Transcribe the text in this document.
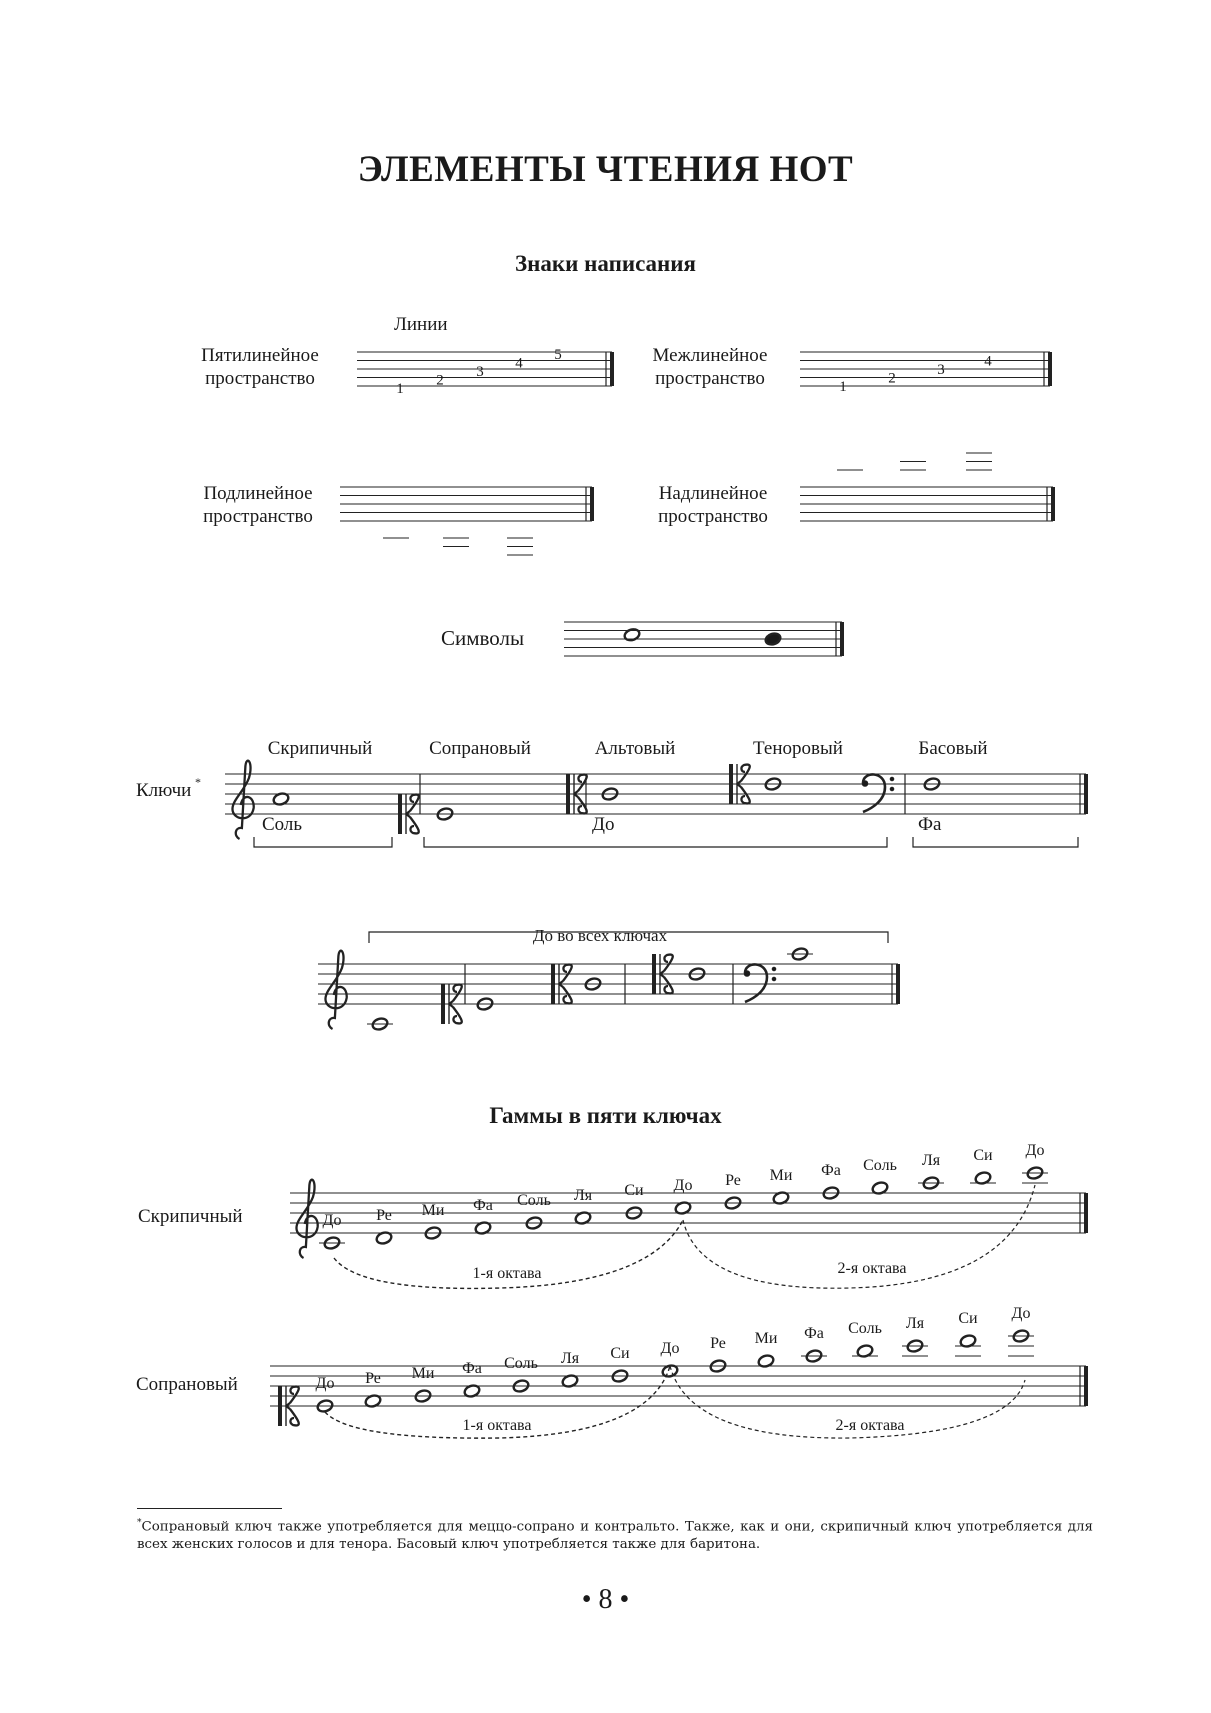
ЭЛЕМЕНТЫ ЧТЕНИЯ НОТ
Знаки написания
Линии
Пятилинейное
пространство
Межлинейное
пространство
Подлинейное
пространство
Надлинейное
пространство
Символы
Ключи *
Скрипичный	Сопрановый	Альтовый	Теноровый	Басовый
Соль	До	Фа
До во всех ключах
Гаммы в пяти ключах
Скрипичный
Сопрановый
1
2
3
4
5
1
2
3
4
До Ре Ми Фа Соль Ля Си До Ре Ми Фа Соль Ля Си До
1-я октава	2-я октава
До Ре Ми Фа Соль Ля Си До Ре Ми Фа Соль Ля Си До
1-я октава	2-я октава
*Сопрановый ключ также употребляется для меццо-сопрано и контральто. Также, как и они, скрипичный ключ употребляется для всех женских голосов и для тенора. Басовый ключ употребляется также для баритона.
• 8 •
